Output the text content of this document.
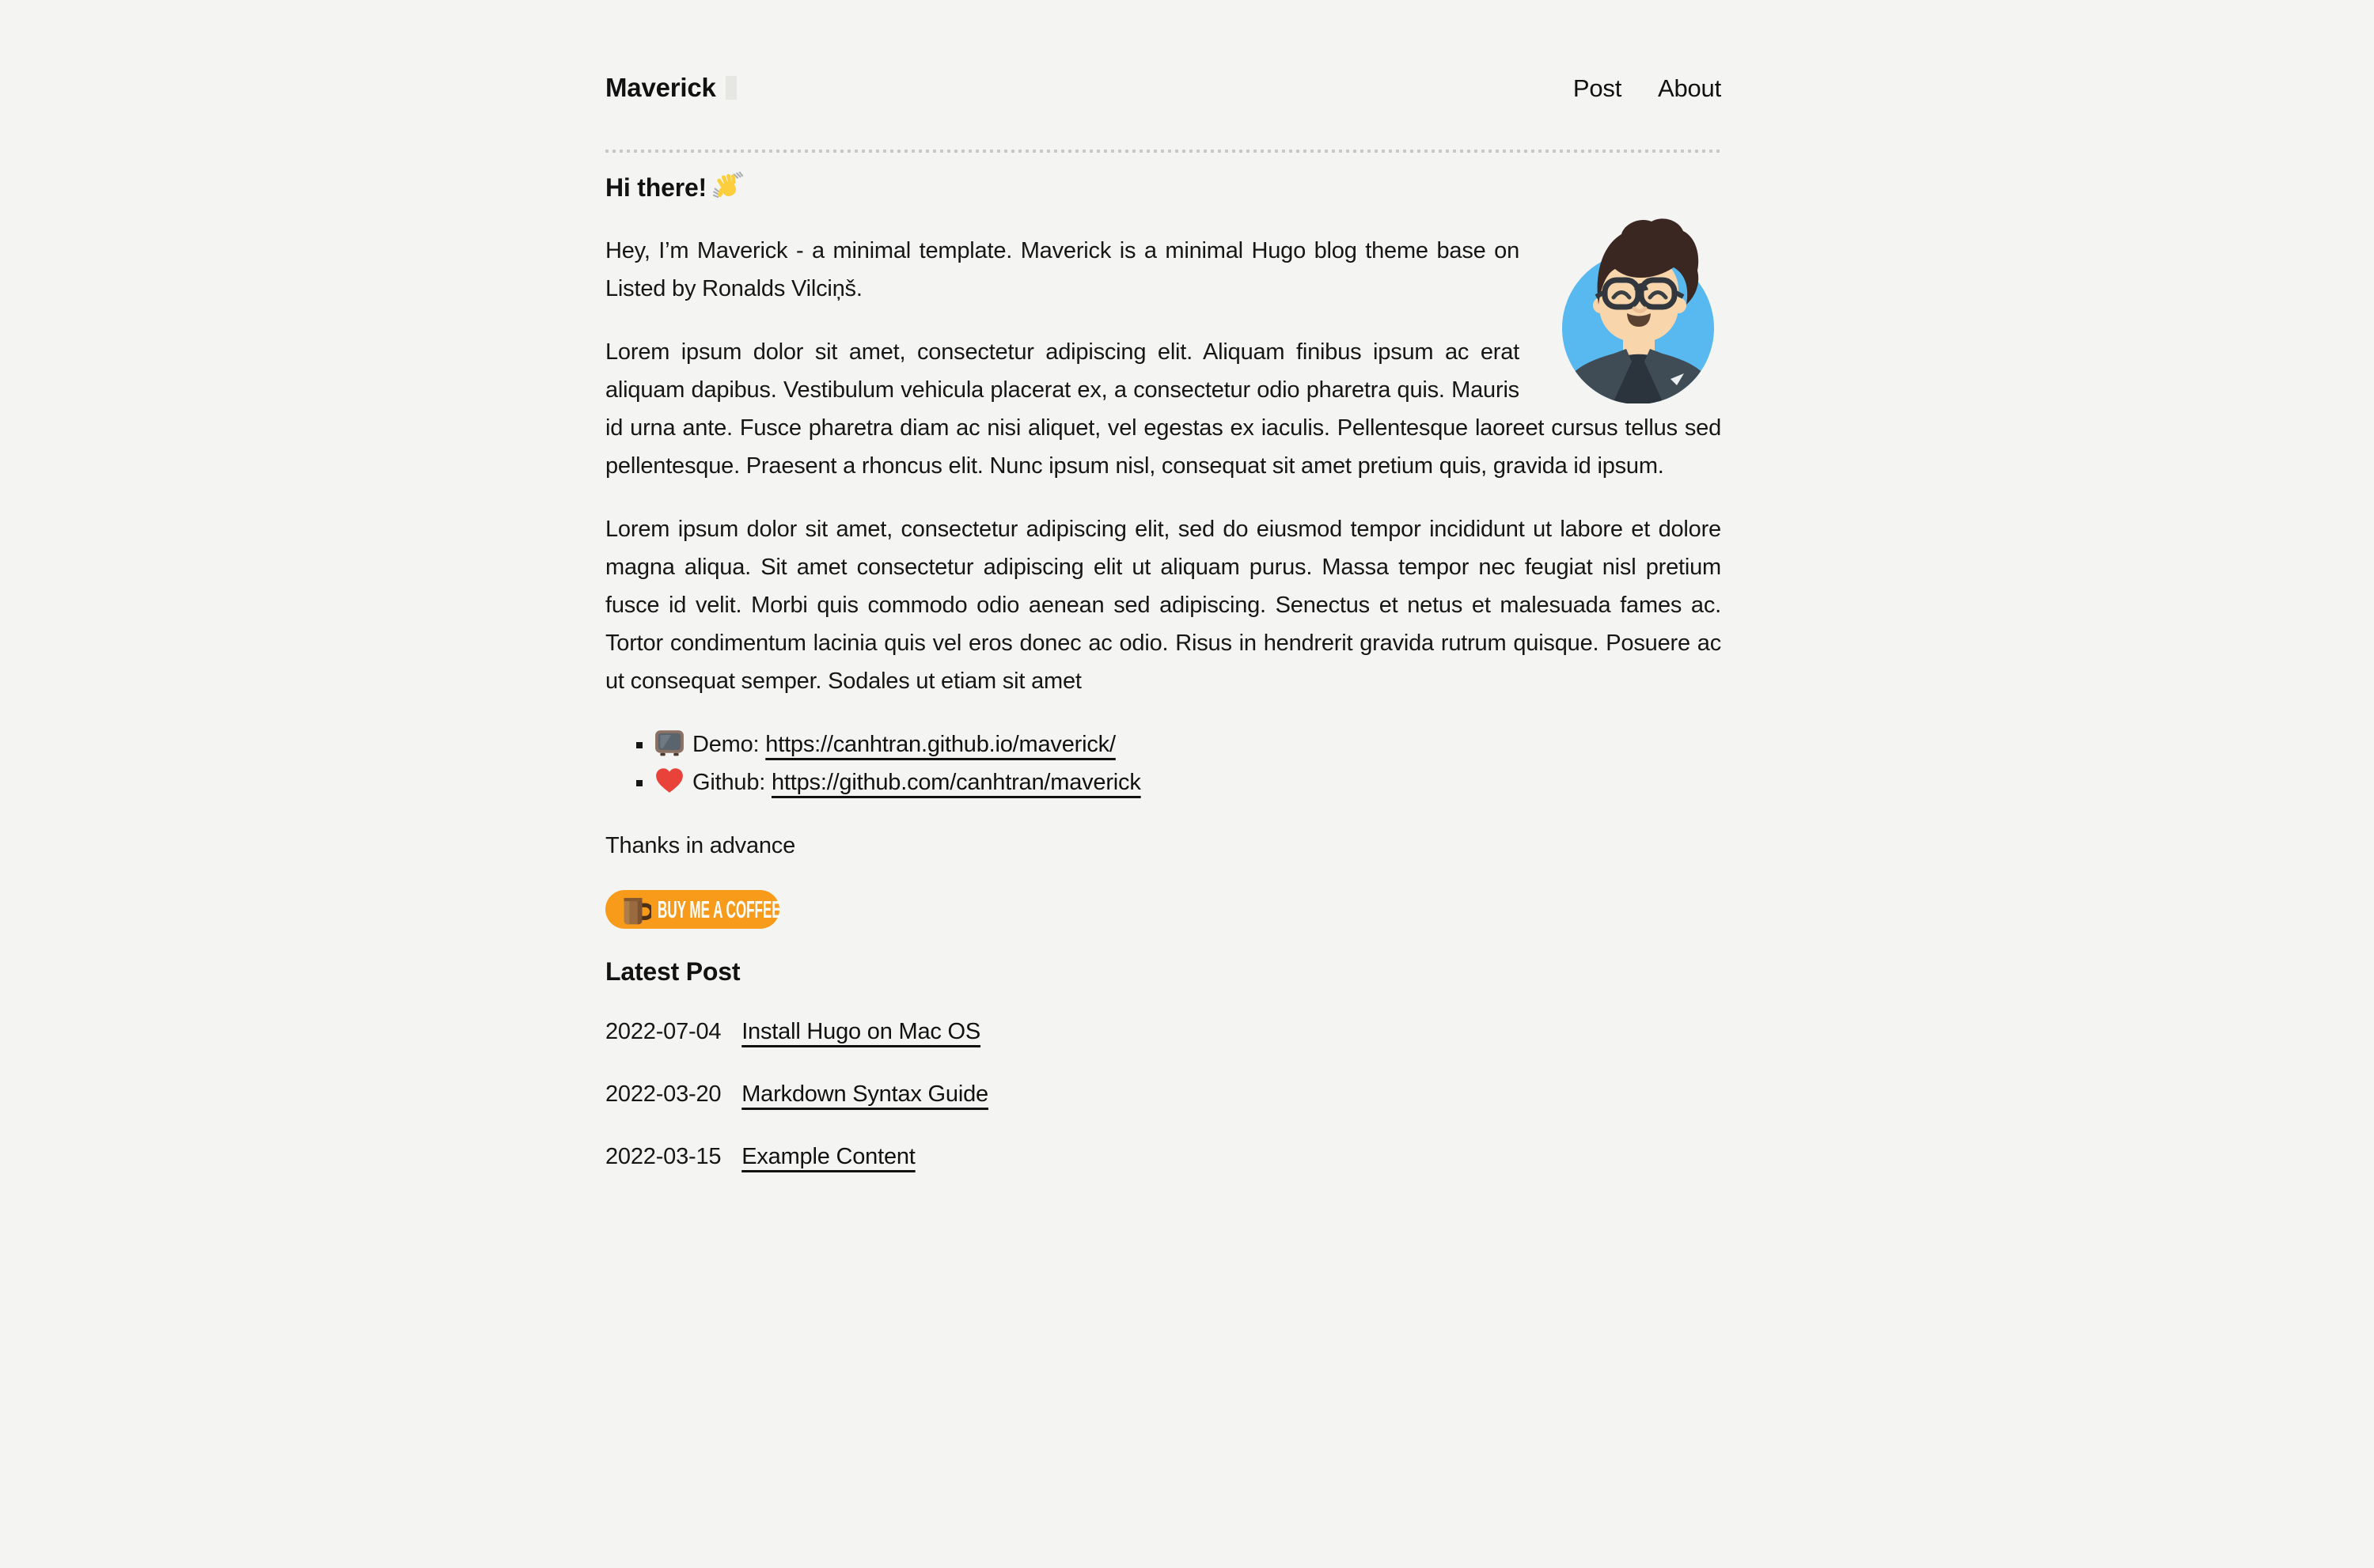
Maverick	Post About
Hi there!

Hey, I’m Maverick - a minimal template. Maverick is a minimal Hugo blog theme base on Listed by Ronalds Vilciņš.

Lorem ipsum dolor sit amet, consectetur adipiscing elit. Aliquam finibus ipsum ac erat aliquam dapibus. Vestibulum vehicula placerat ex, a consectetur odio pharetra quis. Mauris id urna ante. Fusce pharetra diam ac nisi aliquet, vel egestas ex iaculis. Pellentesque laoreet cursus tellus sed pellentesque. Praesent a rhoncus elit. Nunc ipsum nisl, consequat sit amet pretium quis, gravida id ipsum.

Lorem ipsum dolor sit amet, consectetur adipiscing elit, sed do eiusmod tempor incididunt ut labore et dolore magna aliqua. Sit amet consectetur adipiscing elit ut aliquam purus. Massa tempor nec feugiat nisl pretium fusce id velit. Morbi quis commodo odio aenean sed adipiscing. Senectus et netus et malesuada fames ac. Tortor condimentum lacinia quis vel eros donec ac odio. Risus in hendrerit gravida rutrum quisque. Posuere ac ut consequat semper. Sodales ut etiam sit amet

▪ Demo: https://canhtran.github.io/maverick/
▪ Github: https://github.com/canhtran/maverick

Thanks in advance

BUY ME A COFFEE

Latest Post
2022-07-04 Install Hugo on Mac OS
2022-03-20 Markdown Syntax Guide
2022-03-15 Example Content
